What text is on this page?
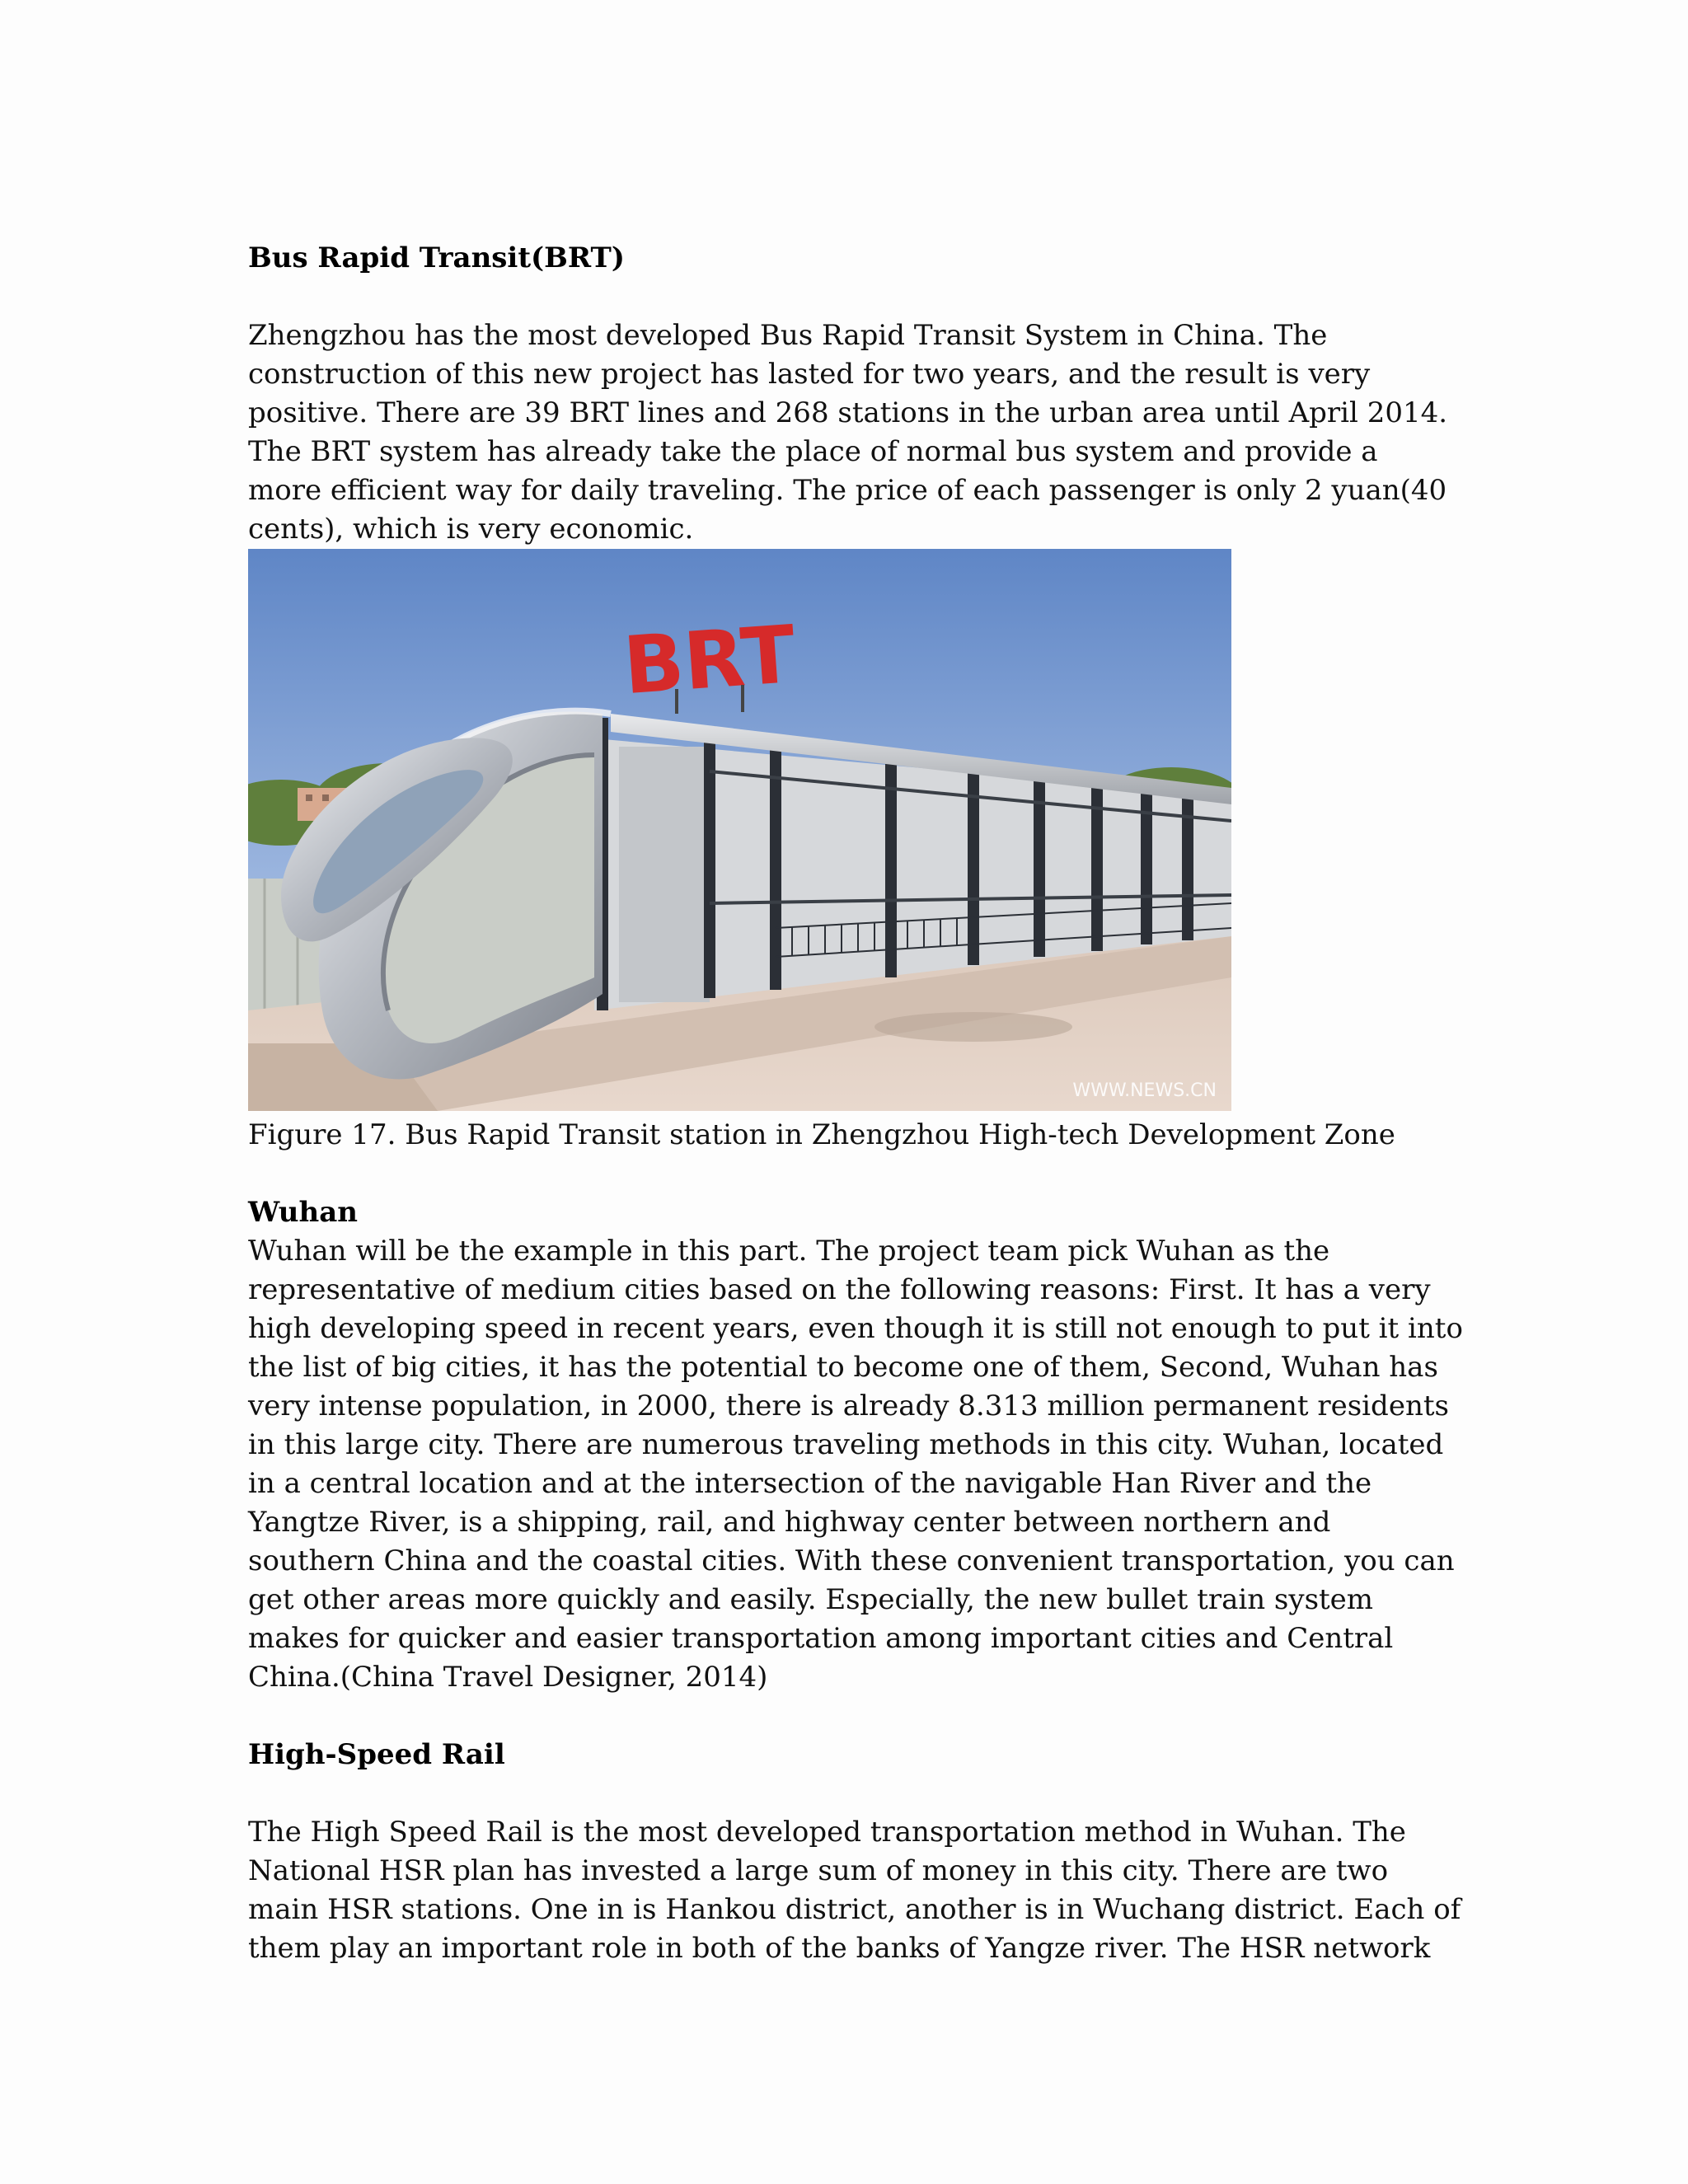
Bus Rapid Transit(BRT)
Zhengzhou has the most developed Bus Rapid Transit System in China. The
construction of this new project has lasted for two years, and the result is very
positive. There are 39 BRT lines and 268 stations in the urban area until April 2014.
The BRT system has already take the place of normal bus system and provide a
more efficient way for daily traveling. The price of each passenger is only 2 yuan(40
cents), which is very economic.
BRT
WWW.NEWS.CN
Figure 17. Bus Rapid Transit station in Zhengzhou High-tech Development Zone
Wuhan
Wuhan will be the example in this part. The project team pick Wuhan as the
representative of medium cities based on the following reasons: First. It has a very
high developing speed in recent years, even though it is still not enough to put it into
the list of big cities, it has the potential to become one of them, Second, Wuhan has
very intense population, in 2000, there is already 8.313 million permanent residents
in this large city. There are numerous traveling methods in this city. Wuhan, located
in a central location and at the intersection of the navigable Han River and the
Yangtze River, is a shipping, rail, and highway center between northern and
southern China and the coastal cities. With these convenient transportation, you can
get other areas more quickly and easily. Especially, the new bullet train system
makes for quicker and easier transportation among important cities and Central
China.(China Travel Designer, 2014)
High-Speed Rail
The High Speed Rail is the most developed transportation method in Wuhan. The
National HSR plan has invested a large sum of money in this city. There are two
main HSR stations. One in is Hankou district, another is in Wuchang district. Each of
them play an important role in both of the banks of Yangze river. The HSR network
